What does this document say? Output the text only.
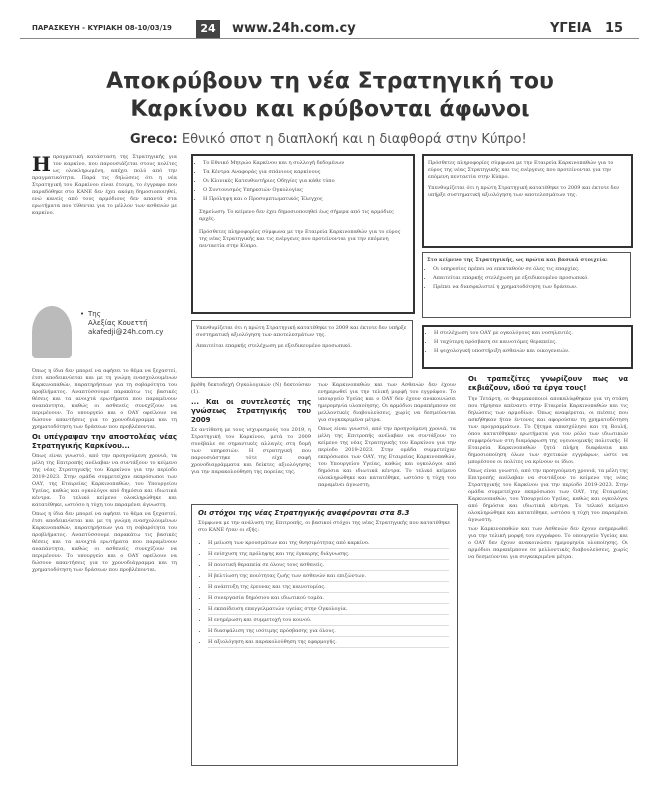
ΠΑΡΑΣΚΕΥΗ - ΚΥΡΙΑΚΗ 08-10/03/19	24	www.24h.com.cy	ΥΓΕΙΑ 15
Αποκρύβουν τη νέα Στρατηγική του Καρκίνου και κρύβονται άφωνοι
Greco: Εθνικό σποτ η διαπλοκή και η διαφθορά στην Κύπρο!
Η πραγματική κατάσταση της Στρατηγικής για τον καρκίνο, που παρουσιάζεται στους πολίτες ως ολοκληρωμένη, απέχει πολύ από την πραγματικότητα. Παρά τις δηλώσεις ότι η νέα Στρατηγική του Καρκίνου είναι έτοιμη, το έγγραφο που παραδόθηκε στο ΚΑΝΕ δεν έχει ακόμη δημοσιοποιηθεί, ενώ κανείς από τους αρμόδιους δεν απαντά στα ερωτήματα που τίθενται για το μέλλον των ασθενών με καρκίνο.
• Της
Αλεξίας Κουεττή
akafedji@24h.com.cy

Όπως η ίδια δεν μπορεί να αφήσει το θέμα να ξεχαστεί, έτσι αποδεικνύεται και με τη γνώμη ενασχολουμένων Καρκινοπαθών, παρατηρήσεων για τη σοβαρότητα του προβλήματος. Αναπτύσσουμε παρακάτω τις βασικές θέσεις και τα ανοιχτά ερωτήματα που παραμένουν αναπάντητα, καθώς οι ασθενείς συνεχίζουν να περιμένουν. Το υπουργείο και ο ΟΑΥ οφείλουν να δώσουν απαντήσεις για το χρονοδιάγραμμα και τη χρηματοδότηση των δράσεων που προβλέπονται.

Οι υπέγραψαν την αποστολέας νέας Στρατηγικής Καρκίνου...

Όπως είναι γνωστό, από την προηγούμενη χρονιά, τα μέλη της Επιτροπής ανέλαβαν να συντάξουν το κείμενο της νέας Στρατηγικής του Καρκίνου για την περίοδο 2019-2023. Στην ομάδα συμμετείχαν εκπρόσωποι των ΟΑΥ, της Εταιρείας Καρκινοπαθών, του Υπουργείου Υγείας, καθώς και ογκολόγοι από δημόσια και ιδιωτικά κέντρα. Το τελικό κείμενο ολοκληρώθηκε και κατατέθηκε, ωστόσο η τύχη του παραμένει άγνωστη.

Όπως η ίδια δεν μπορεί να αφήσει το θέμα να ξεχαστεί, έτσι αποδεικνύεται και με τη γνώμη ενασχολουμένων Καρκινοπαθών, παρατηρήσεων για τη σοβαρότητα του προβλήματος. Αναπτύσσουμε παρακάτω τις βασικές θέσεις και τα ανοιχτά ερωτήματα που παραμένουν αναπάντητα, καθώς οι ασθενείς συνεχίζουν να περιμένουν. Το υπουργείο και ο ΟΑΥ οφείλουν να δώσουν απαντήσεις για το χρονοδιάγραμμα και τη χρηματοδότηση των δράσεων που προβλέπονται.

• Το Εθνικό Μητρώο Καρκίνου και η συλλογή δεδομένων
• Τα Κέντρα Αναφοράς για σπάνιους καρκίνους
• Οι Κλινικές Κατευθυντήριες Οδηγίες για κάθε τύπο
• Ο Συντονισμός Υπηρεσιών Ογκολογίας
• Η Πρόληψη και ο Προσυμπτωματικός Έλεγχος

Σημείωση: Το κείμενο δεν έχει δημοσιοποιηθεί έως σήμερα από τις αρμόδιες αρχές.

Πρόσθετες πληροφορίες σύμφωνα με την Εταιρεία Καρκινοπαθών για το εύρος της νέας Στρατηγικής και τις ενέργειες που προτείνονται για την επόμενη πενταετία στην Κύπρο.

Πρόσθετες πληροφορίες σύμφωνα με την Εταιρεία Καρκινοπαθών για το εύρος της νέας Στρατηγικής και τις ενέργειες που προτείνονται για την επόμενη πενταετία στην Κύπρο.

Υπενθυμίζεται ότι η πρώτη Στρατηγική κατατέθηκε το 2009 και έκτοτε δεν υπήρξε συστηματική αξιολόγηση των αποτελεσμάτων της.

Στο κείμενο της Στρατηγικής, ως πρώτα και βασικά στοιχεία:

• Οι υπηρεσίες πρέπει να επεκταθούν σε όλες τις επαρχίες.
• Απαιτείται επαρκής στελέχωση με εξειδικευμένο προσωπικό.
• Πρέπει να διασφαλιστεί η χρηματοδότηση των δράσεων.
• Η στελέχωση του ΟΑΥ με ογκολόγους και νοσηλευτές.
• Η ταχύτερη πρόσβαση σε καινοτόμες θεραπείες.
• Η ψυχολογική υποστήριξη ασθενών και οικογενειών.

Υπενθυμίζεται ότι η πρώτη Στρατηγική κατατέθηκε το 2009 και έκτοτε δεν υπήρξε συστηματική αξιολόγηση των αποτελεσμάτων της.

Απαιτείται επαρκής στελέχωση με εξειδικευμένο προσωπικό.

βρέθη δεκτοδεχή Ογκολογικών (Ν) δεκτούσαν (1).

... Και οι συντελεστές της γνώσεως Στρατηγικής του 2009

Σε αντίθεση με τους ισχυρισμούς του 2019, η Στρατηγική του Καρκίνου, μετά το 2009 συνέβαλε σε σημαντικές αλλαγές στη δομή των υπηρεσιών. Η στρατηγική που παρουσιάστηκε τότε είχε σαφή χρονοδιαγράμματα και δείκτες αξιολόγησης για την παρακολούθηση της πορείας της.

των Καρκινοπαθών και των Ασθενών δεν έχουν ενημερωθεί για την τελική μορφή του εγγράφου. Το υπουργείο Υγείας και ο ΟΑΥ δεν έχουν ανακοινώσει ημερομηνία υλοποίησης. Οι αρμόδιοι παραπέμπουν σε μελλοντικές διαβουλεύσεις, χωρίς να δεσμεύονται για συγκεκριμένα μέτρα.

Όπως είναι γνωστό, από την προηγούμενη χρονιά, τα μέλη της Επιτροπής ανέλαβαν να συντάξουν το κείμενο της νέας Στρατηγικής του Καρκίνου για την περίοδο 2019-2023. Στην ομάδα συμμετείχαν εκπρόσωποι των ΟΑΥ, της Εταιρείας Καρκινοπαθών, του Υπουργείου Υγείας, καθώς και ογκολόγοι από δημόσια και ιδιωτικά κέντρα. Το τελικό κείμενο ολοκληρώθηκε και κατατέθηκε, ωστόσο η τύχη του παραμένει άγνωστη.

Οι στόχοι της νέας Στρατηγικής αναφέρονται στα 8.3
Σύμφωνα με την ανάλυση της Επιτροπής, οι βασικοί στόχοι της νέας Στρατηγικής που κατατέθηκε στο ΚΑΝΕ ήταν οι εξής:
• Η μείωση των κρουσμάτων και της θνησιμότητας από καρκίνο.
• Η ενίσχυση της πρόληψης και της έγκαιρης διάγνωσης.
• Η ποιοτική θεραπεία σε όλους τους ασθενείς.
• Η βελτίωση της ποιότητας ζωής των ασθενών και επιζώντων.
• Η ανάπτυξη της έρευνας και της καινοτομίας.
• Η συνεργασία δημόσιου και ιδιωτικού τομέα.
• Η εκπαίδευση επαγγελματιών υγείας στην Ογκολογία.
• Η ενημέρωση και συμμετοχή του κοινού.
• Η διασφάλιση της ισότιμης πρόσβασης για όλους.
• Η αξιολόγηση και παρακολούθηση της εφαρμογής.
Οι τραπεζίτες γνωρίζουν πως να εκβιάζουν, ιδού τα έργα τους!

Την Τετάρτη, οι Φαρμακοποιοί αποκαλύφθηκαν για τη στάση που τήρησαν απέναντι στην Εταιρεία Καρκινοπαθών και τις δηλώσεις των αρμοδίων. Όπως αναφέρεται, οι πιέσεις που ασκήθηκαν ήταν έντονες και αφορούσαν τη χρηματοδότηση των προγραμμάτων. Το ζήτημα απασχόλησε και τη Βουλή, όπου κατατέθηκαν ερωτήματα για τον ρόλο των ιδιωτικών συμφερόντων στη διαμόρφωση της υγειονομικής πολιτικής. Η Εταιρεία Καρκινοπαθών ζητά πλήρη διαφάνεια και δημοσιοποίηση όλων των σχετικών εγγράφων, ώστε να μπορέσουν οι πολίτες να κρίνουν οι ίδιοι.

Όπως είναι γνωστό, από την προηγούμενη χρονιά, τα μέλη της Επιτροπής ανέλαβαν να συντάξουν το κείμενο της νέας Στρατηγικής του Καρκίνου για την περίοδο 2019-2023. Στην ομάδα συμμετείχαν εκπρόσωποι των ΟΑΥ, της Εταιρείας Καρκινοπαθών, του Υπουργείου Υγείας, καθώς και ογκολόγοι από δημόσια και ιδιωτικά κέντρα. Το τελικό κείμενο ολοκληρώθηκε και κατατέθηκε, ωστόσο η τύχη του παραμένει άγνωστη.

των Καρκινοπαθών και των Ασθενών δεν έχουν ενημερωθεί για την τελική μορφή του εγγράφου. Το υπουργείο Υγείας και ο ΟΑΥ δεν έχουν ανακοινώσει ημερομηνία υλοποίησης. Οι αρμόδιοι παραπέμπουν σε μελλοντικές διαβουλεύσεις, χωρίς να δεσμεύονται για συγκεκριμένα μέτρα.
